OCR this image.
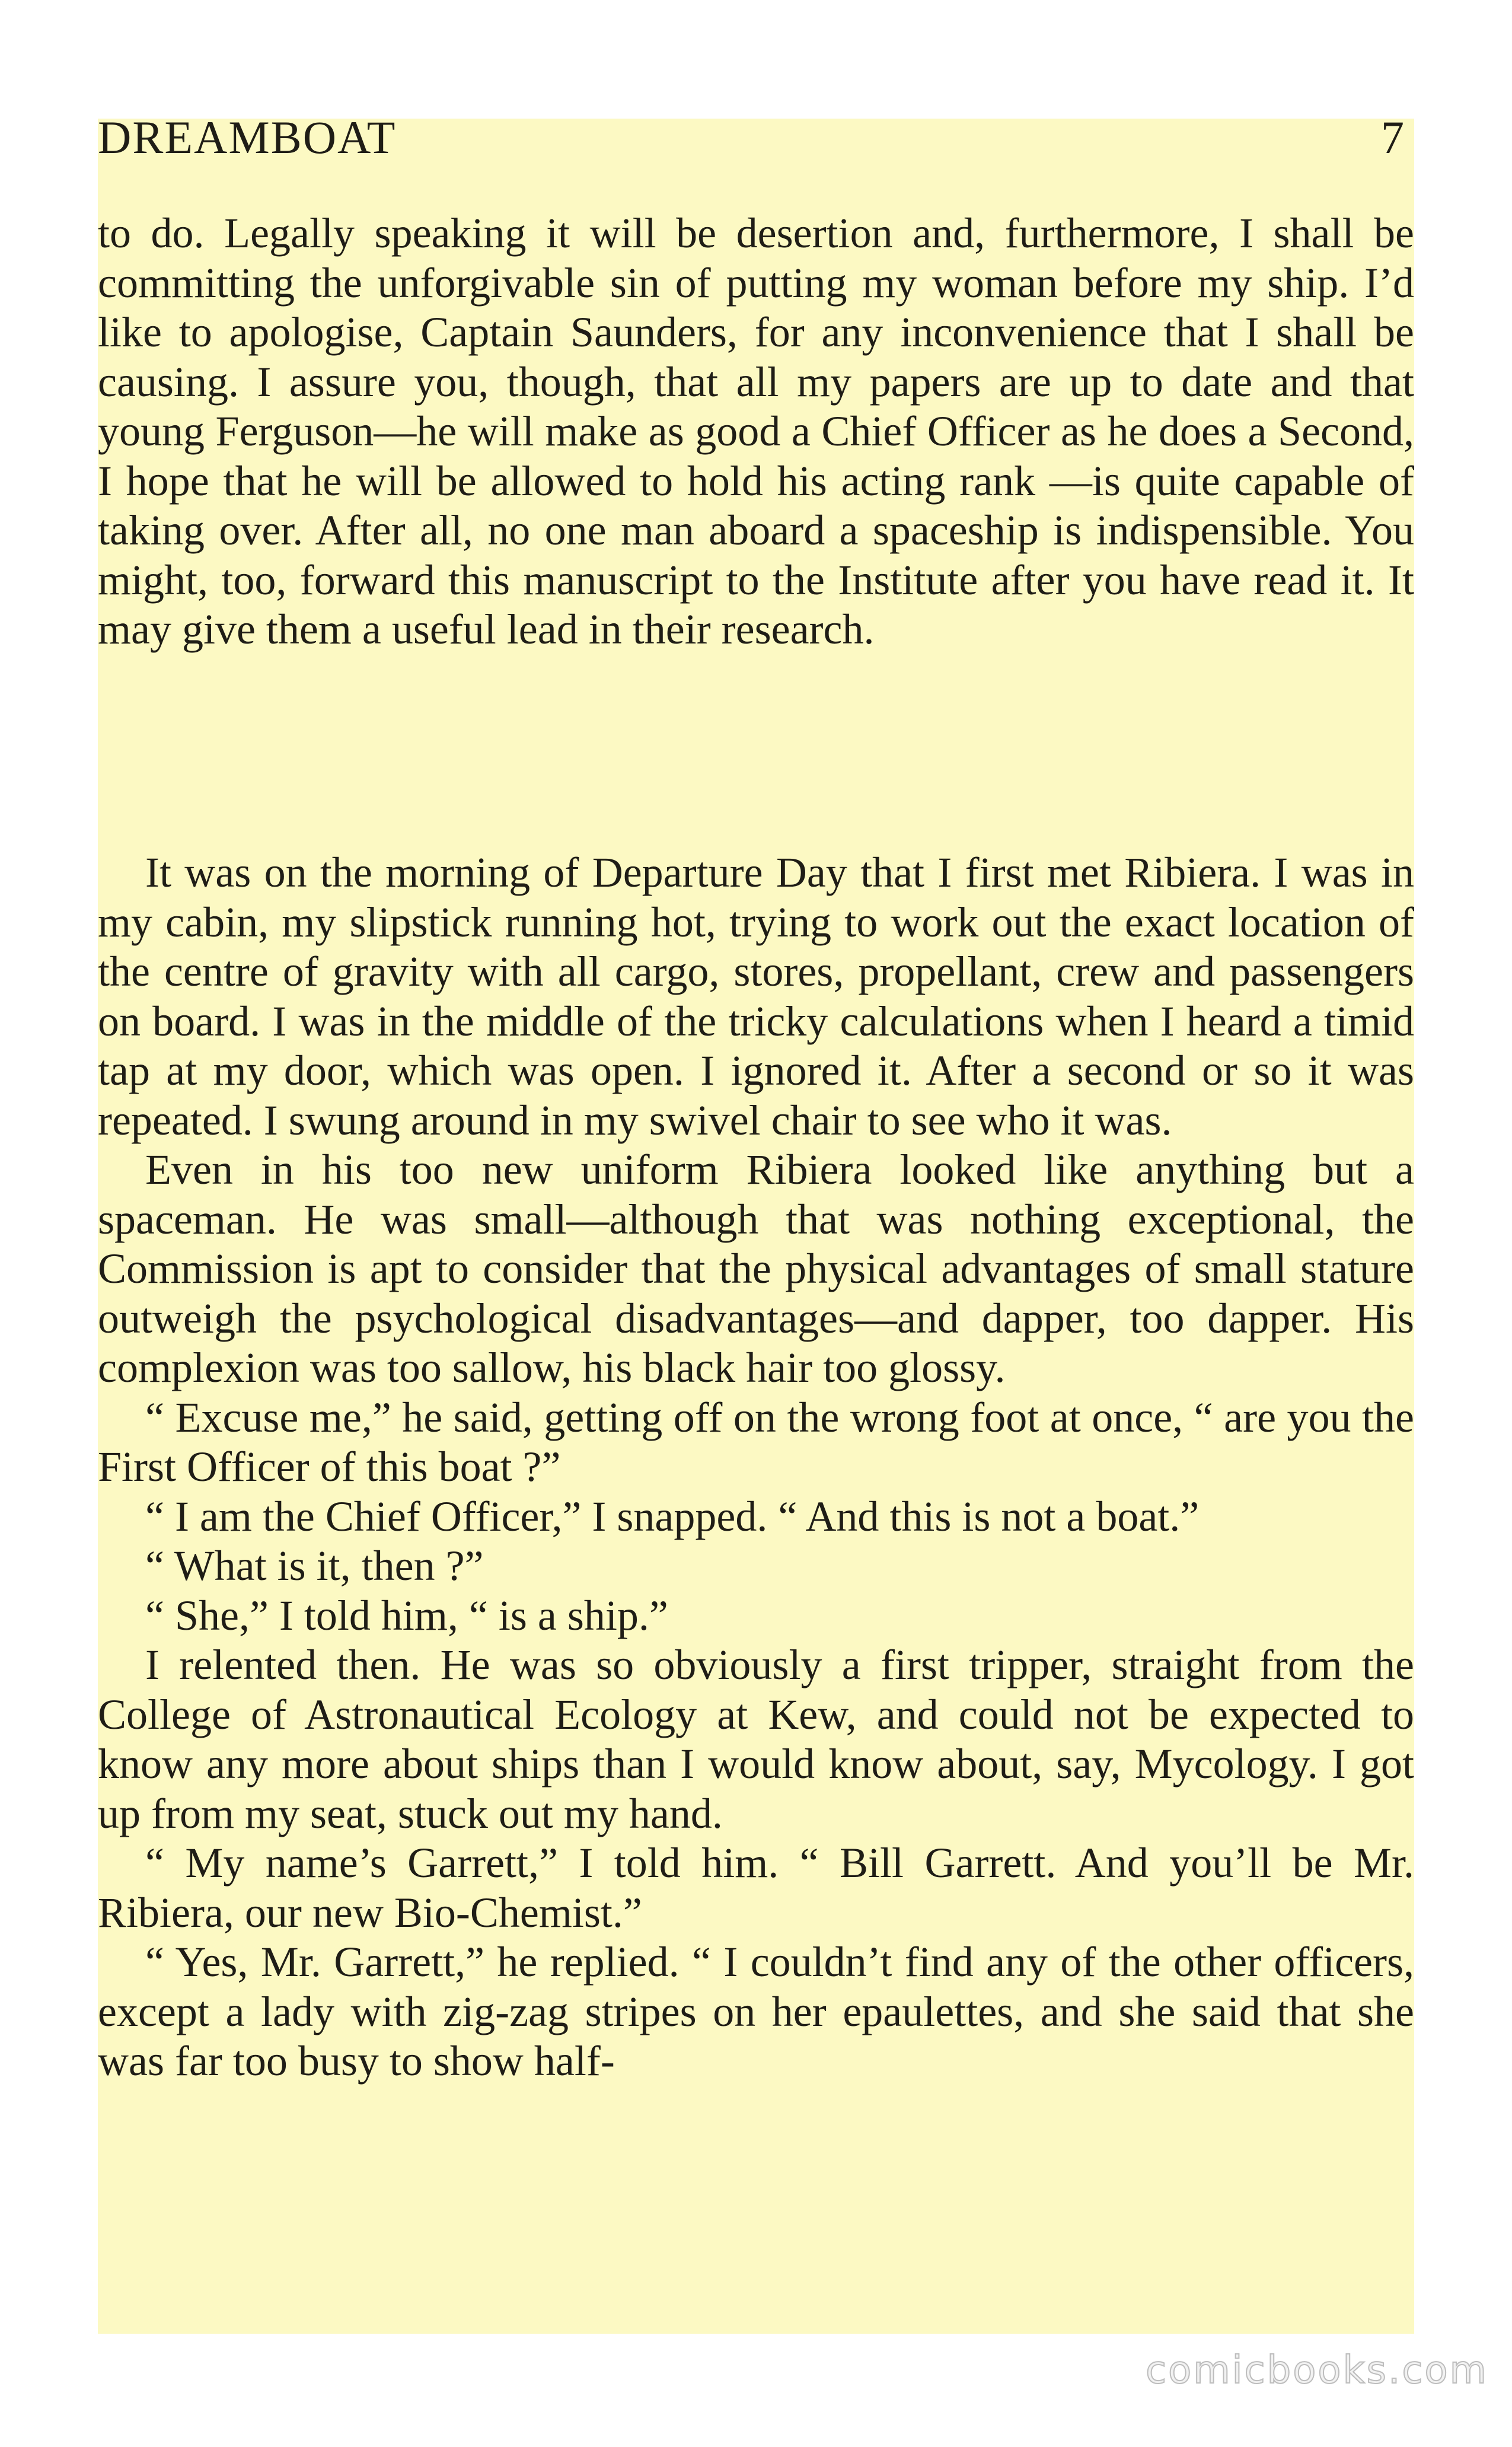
DREAMBOAT	7

to do. Legally speaking it will be desertion and, furthermore, I shall be committing the unforgivable sin of putting my woman before my ship. I’d like to apologise, Captain Saunders, for any inconvenience that I shall be causing. I assure you, though, that all my papers are up to date and that young Ferguson—he will make as good a Chief Officer as he does a Second, I hope that he will be allowed to hold his acting rank —is quite capable of taking over. After all, no one man aboard a spaceship is indispensible. You might, too, forward this manuscript to the Institute after you have read it. It may give them a useful lead in their research.

It was on the morning of Departure Day that I first met Ribiera. I was in my cabin, my slipstick running hot, trying to work out the exact location of the centre of gravity with all cargo, stores, propellant, crew and passengers on board. I was in the middle of the tricky calculations when I heard a timid tap at my door, which was open. I ignored it. After a second or so it was repeated. I swung around in my swivel chair to see who it was.

Even in his too new uniform Ribiera looked like anything but a spaceman. He was small—although that was nothing exceptional, the Commission is apt to consider that the physical advantages of small stature outweigh the psychological disadvantages—and dapper, too dapper. His complexion was too sallow, his black hair too glossy.

“ Excuse me,” he said, getting off on the wrong foot at once, “ are you the First Officer of this boat ?”

“ I am the Chief Officer,” I snapped. “ And this is not a boat.”

“ What is it, then ?”

“ She,” I told him, “ is a ship.”

I relented then. He was so obviously a first tripper, straight from the College of Astronautical Ecology at Kew, and could not be expected to know any more about ships than I would know about, say, Mycology. I got up from my seat, stuck out my hand.

“ My name’s Garrett,” I told him. “ Bill Garrett. And you’ll be Mr. Ribiera, our new Bio-Chemist.”

“ Yes, Mr. Garrett,” he replied. “ I couldn’t find any of the other officers, except a lady with zig-zag stripes on her epaulettes, and she said that she was far too busy to show half-

comicbooks.com
